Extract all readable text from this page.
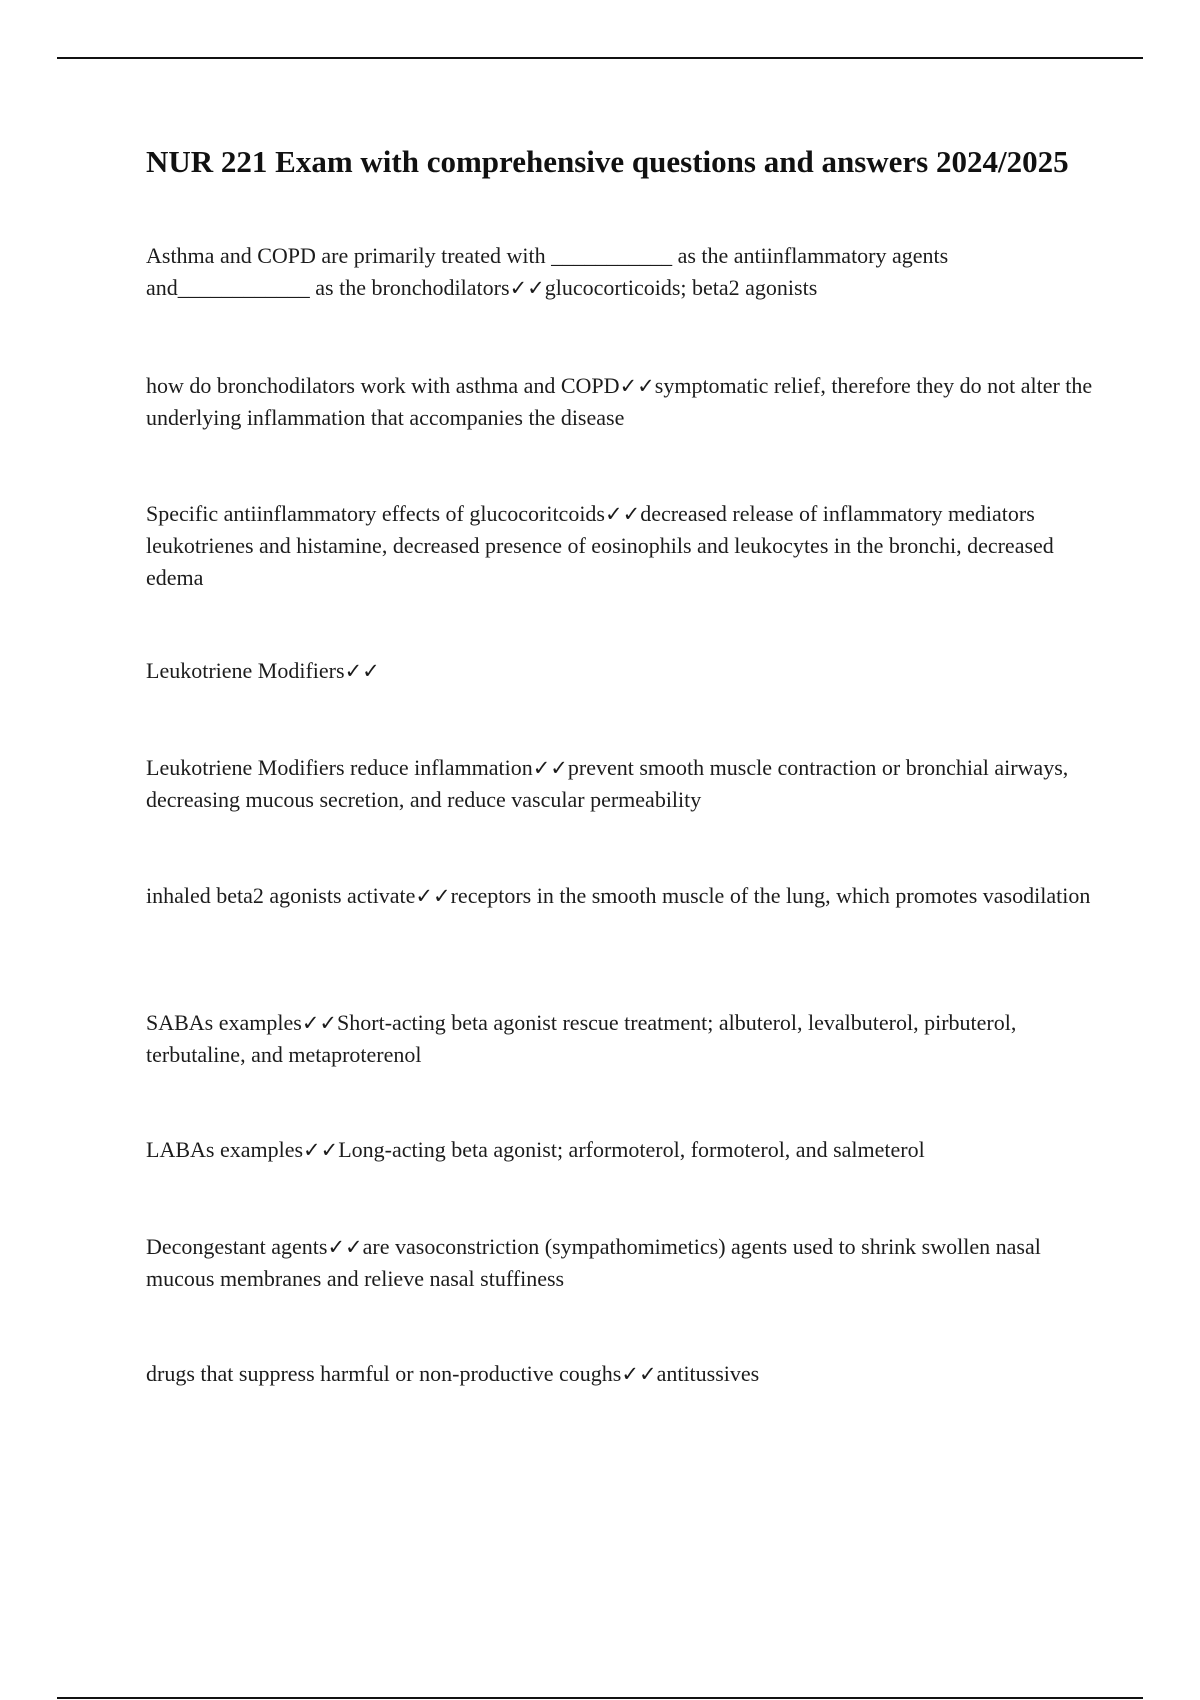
NUR 221 Exam with comprehensive questions and answers 2024/2025

Asthma and COPD are primarily treated with ___________ as the antiinflammatory agents and____________ as the bronchodilators✓✓glucocorticoids; beta2 agonists

how do bronchodilators work with asthma and COPD✓✓symptomatic relief, therefore they do not alter the underlying inflammation that accompanies the disease

Specific antiinflammatory effects of glucocoritcoids✓✓decreased release of inflammatory mediators leukotrienes and histamine, decreased presence of eosinophils and leukocytes in the bronchi, decreased edema

Leukotriene Modifiers✓✓

Leukotriene Modifiers reduce inflammation✓✓prevent smooth muscle contraction or bronchial airways, decreasing mucous secretion, and reduce vascular permeability

inhaled beta2 agonists activate✓✓receptors in the smooth muscle of the lung, which promotes vasodilation

SABAs examples✓✓Short-acting beta agonist rescue treatment; albuterol, levalbuterol, pirbuterol, terbutaline, and metaproterenol

LABAs examples✓✓Long-acting beta agonist; arformoterol, formoterol, and salmeterol

Decongestant agents✓✓are vasoconstriction (sympathomimetics) agents used to shrink swollen nasal mucous membranes and relieve nasal stuffiness

drugs that suppress harmful or non-productive coughs✓✓antitussives
